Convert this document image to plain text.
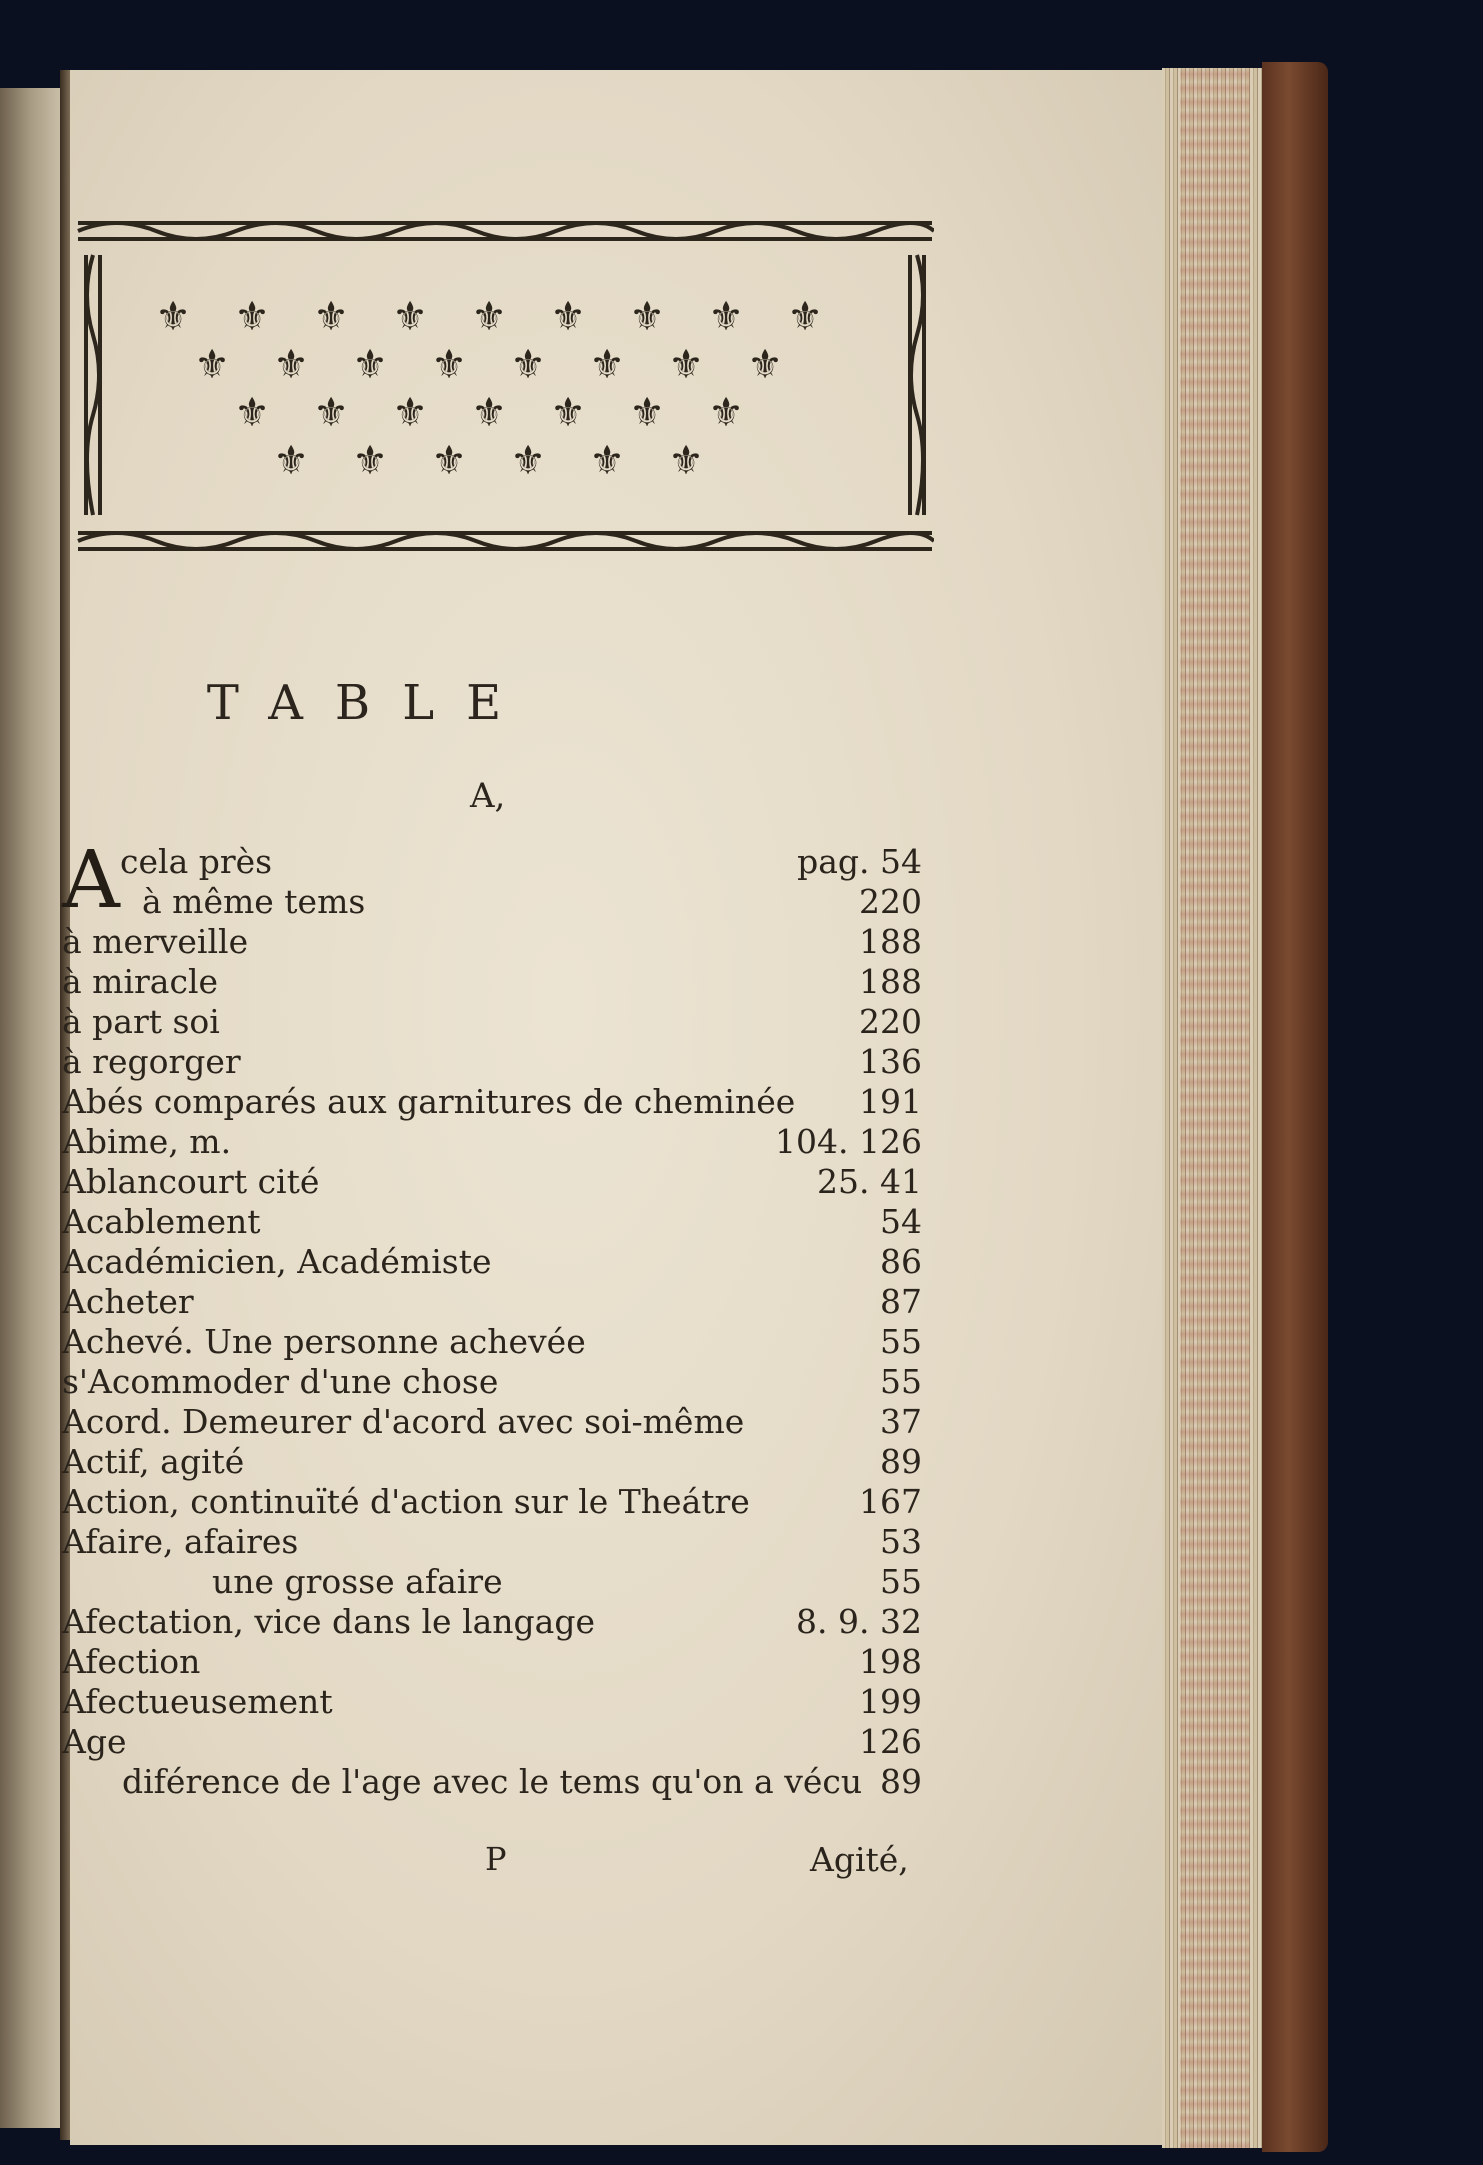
⚜ ⚜ ⚜ ⚜ ⚜ ⚜ ⚜ ⚜ ⚜
⚜ ⚜ ⚜ ⚜ ⚜ ⚜ ⚜ ⚜
⚜ ⚜ ⚜ ⚜ ⚜ ⚜ ⚜
⚜ ⚜ ⚜ ⚜ ⚜ ⚜
TABLE
A,
A cela près	pag. 54
à même tems	220
à merveille	188
à miracle	188
à part soi	220
à regorger	136
Abés comparés aux garnitures de cheminée 191
Abime, m.	104. 126
Ablancourt cité	25. 41
Acablement	54
Académicien, Académiste	86
Acheter	87
Achevé. Une personne achevée	55
s'Acommoder d'une chose	55
Acord. Demeurer d'acord avec soi-même	37
Actif, agité	89
Action, continuïté d'action sur le Theátre	167
Afaire, afaires	53
une grosse afaire	55
Afectation, vice dans le langage	8. 9. 32
Afection	198
Afectueusement	199
Age	126
diférence de l'age avec le tems qu'on a vécu 89
P	Agité,
